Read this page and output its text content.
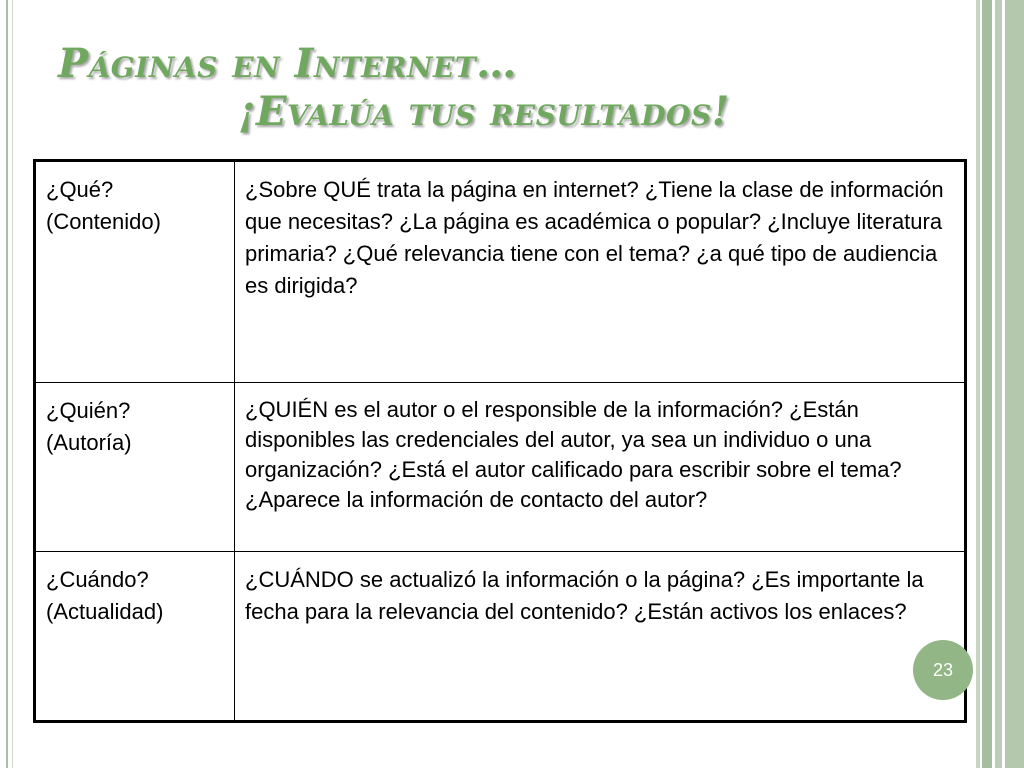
Páginas en Internet…
¡Evalúa tus resultados!
¿Qué?
(Contenido)	¿Sobre QUÉ trata la página en internet? ¿Tiene la clase de información que necesitas? ¿La página es académica o popular? ¿Incluye literatura primaria? ¿Qué relevancia tiene con el tema? ¿a qué tipo de audiencia es dirigida?

¿Quién?
(Autoría)	¿QUIÉN es el autor o el responsible de la información? ¿Están disponibles las credenciales del autor, ya sea un individuo o una organización? ¿Está el autor calificado para escribir sobre el tema? ¿Aparece la información de contacto del autor?

¿Cuándo?
(Actualidad)	¿CUÁNDO se actualizó la información o la página? ¿Es importante la fecha para la relevancia del contenido? ¿Están activos los enlaces?
23
